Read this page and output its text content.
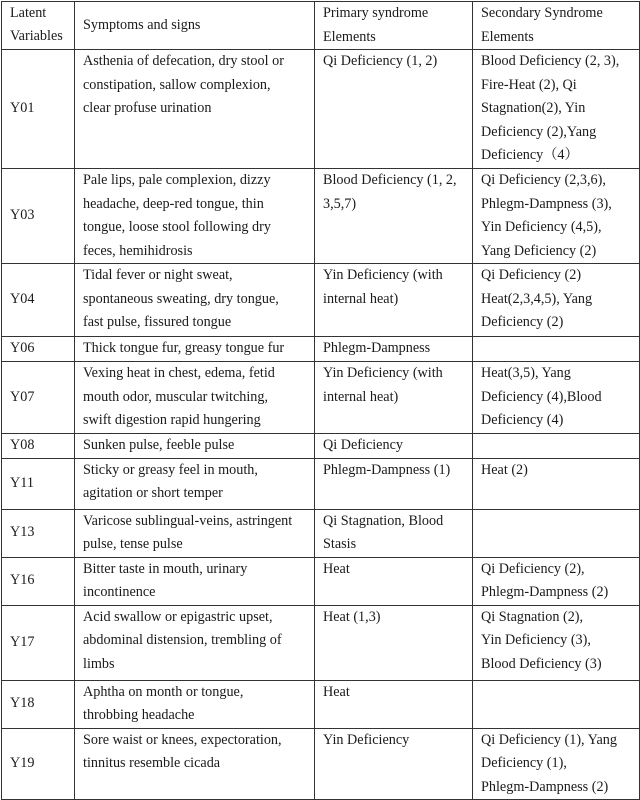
Latent
Variables	Symptoms and signs	Primary syndrome
Elements	Secondary Syndrome
Elements

Y01	Asthenia of defecation, dry stool or
constipation, sallow complexion,
clear profuse urination	Qi Deficiency (1, 2)	Blood Deficiency (2, 3),
Fire-Heat (2), Qi
Stagnation(2), Yin
Deficiency (2),Yang
Deficiency（4）

Y03	Pale lips, pale complexion, dizzy
headache, deep-red tongue, thin
tongue, loose stool following dry
feces, hemihidrosis	Blood Deficiency (1, 2,
3,5,7)	Qi Deficiency (2,3,6),
Phlegm-Dampness (3),
Yin Deficiency (4,5),
Yang Deficiency (2)

Y04	Tidal fever or night sweat,
spontaneous sweating, dry tongue,
fast pulse, fissured tongue	Yin Deficiency (with
internal heat)	Qi Deficiency (2)
Heat(2,3,4,5), Yang
Deficiency (2)

Y06	Thick tongue fur, greasy tongue fur	Phlegm-Dampness	

Y07	Vexing heat in chest, edema, fetid
mouth odor, muscular twitching,
swift digestion rapid hungering	Yin Deficiency (with
internal heat)	Heat(3,5), Yang
Deficiency (4),Blood
Deficiency (4)

Y08	Sunken pulse, feeble pulse	Qi Deficiency	

Y11	Sticky or greasy feel in mouth,
agitation or short temper	Phlegm-Dampness (1)	Heat (2)

Y13	Varicose sublingual-veins, astringent
pulse, tense pulse	Qi Stagnation, Blood
Stasis	

Y16	Bitter taste in mouth, urinary
incontinence	Heat	Qi Deficiency (2),
Phlegm-Dampness (2)

Y17	Acid swallow or epigastric upset,
abdominal distension, trembling of
limbs	Heat (1,3)	Qi Stagnation (2),
Yin Deficiency (3),
Blood Deficiency (3)

Y18	Aphtha on month or tongue,
throbbing headache	Heat	

Y19	Sore waist or knees, expectoration,
tinnitus resemble cicada	Yin Deficiency	Qi Deficiency (1), Yang
Deficiency (1),
Phlegm-Dampness (2)
